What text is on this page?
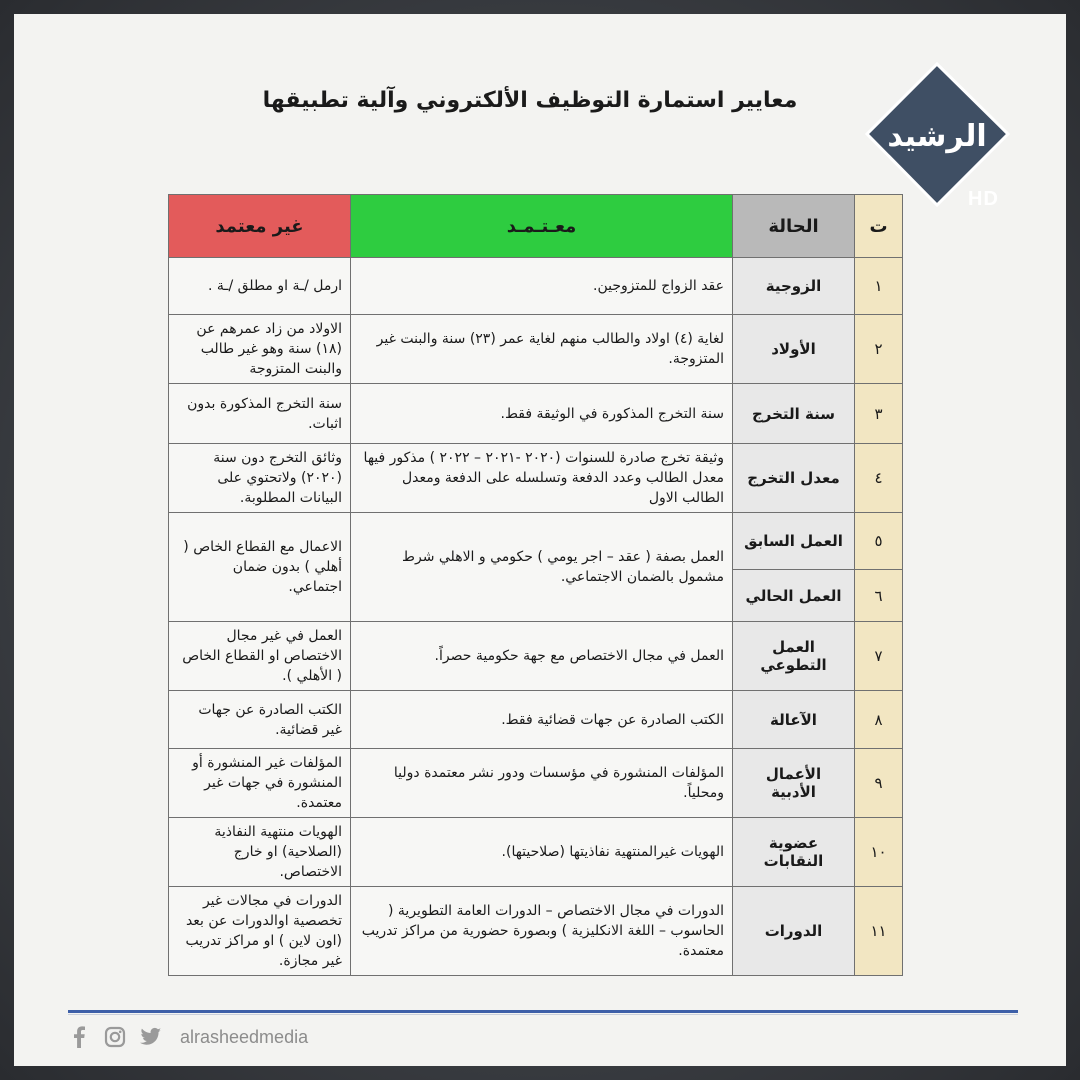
معايير استمارة التوظيف الألكتروني وآلية تطبيقها
الرشيد
HD
ت	الحالة	معـتـمـد	غير معتمد
١	الزوجية	عقد الزواج للمتزوجين.	ارمل /ـة او مطلق /ـة .
٢	الأولاد	لغاية (٤) اولاد والطالب منهم لغاية عمر (٢٣) سنة والبنت غير المتزوجة.	الاولاد من زاد عمرهم عن (١٨) سنة وهو غير طالب والبنت المتزوجة
٣	سنة التخرج	سنة التخرج المذكورة في الوثيقة فقط.	سنة التخرج المذكورة بدون اثبات.
٤	معدل التخرج	وثيقة تخرج صادرة للسنوات (٢٠٢٠ -٢٠٢١ – ٢٠٢٢ ) مذكور فيها معدل الطالب وعدد الدفعة وتسلسله على الدفعة ومعدل الطالب الاول	وثائق التخرج دون سنة (٢٠٢٠) ولاتحتوي على البيانات المطلوبة.
٥	العمل السابق	العمل بصفة ( عقد – اجر يومي ) حكومي و الاهلي شرط مشمول بالضمان الاجتماعي.	الاعمال مع القطاع الخاص ( أهلي ) بدون ضمان اجتماعي.
٦	العمل الحالي		
٧	العمل التطوعي	العمل في مجال الاختصاص مع جهة حكومية حصراً.	العمل في غير مجال الاختصاص او القطاع الخاص ( الأهلي ).
٨	الآعالة	الكتب الصادرة عن جهات قضائية فقط.	الكتب الصادرة عن جهات غير قضائية.
٩	الأعمال الأدبية	المؤلفات المنشورة في مؤسسات ودور نشر معتمدة دوليا ومحلياً.	المؤلفات غير المنشورة أو المنشورة في جهات غير معتمدة.
١٠	عضوية النقابات	الهويات غيرالمنتهية نفاذيتها (صلاحيتها).	الهويات منتهية النفاذية (الصلاحية) او خارج الاختصاص.
١١	الدورات	الدورات في مجال الاختصاص – الدورات العامة التطويرية ( الحاسوب – اللغة الانكليزية ) وبصورة حضورية من مراكز تدريب معتمدة.	الدورات في مجالات غير تخصصية اوالدورات عن بعد (اون لاين ) او مراكز تدريب غير مجازة.
alrasheedmedia
